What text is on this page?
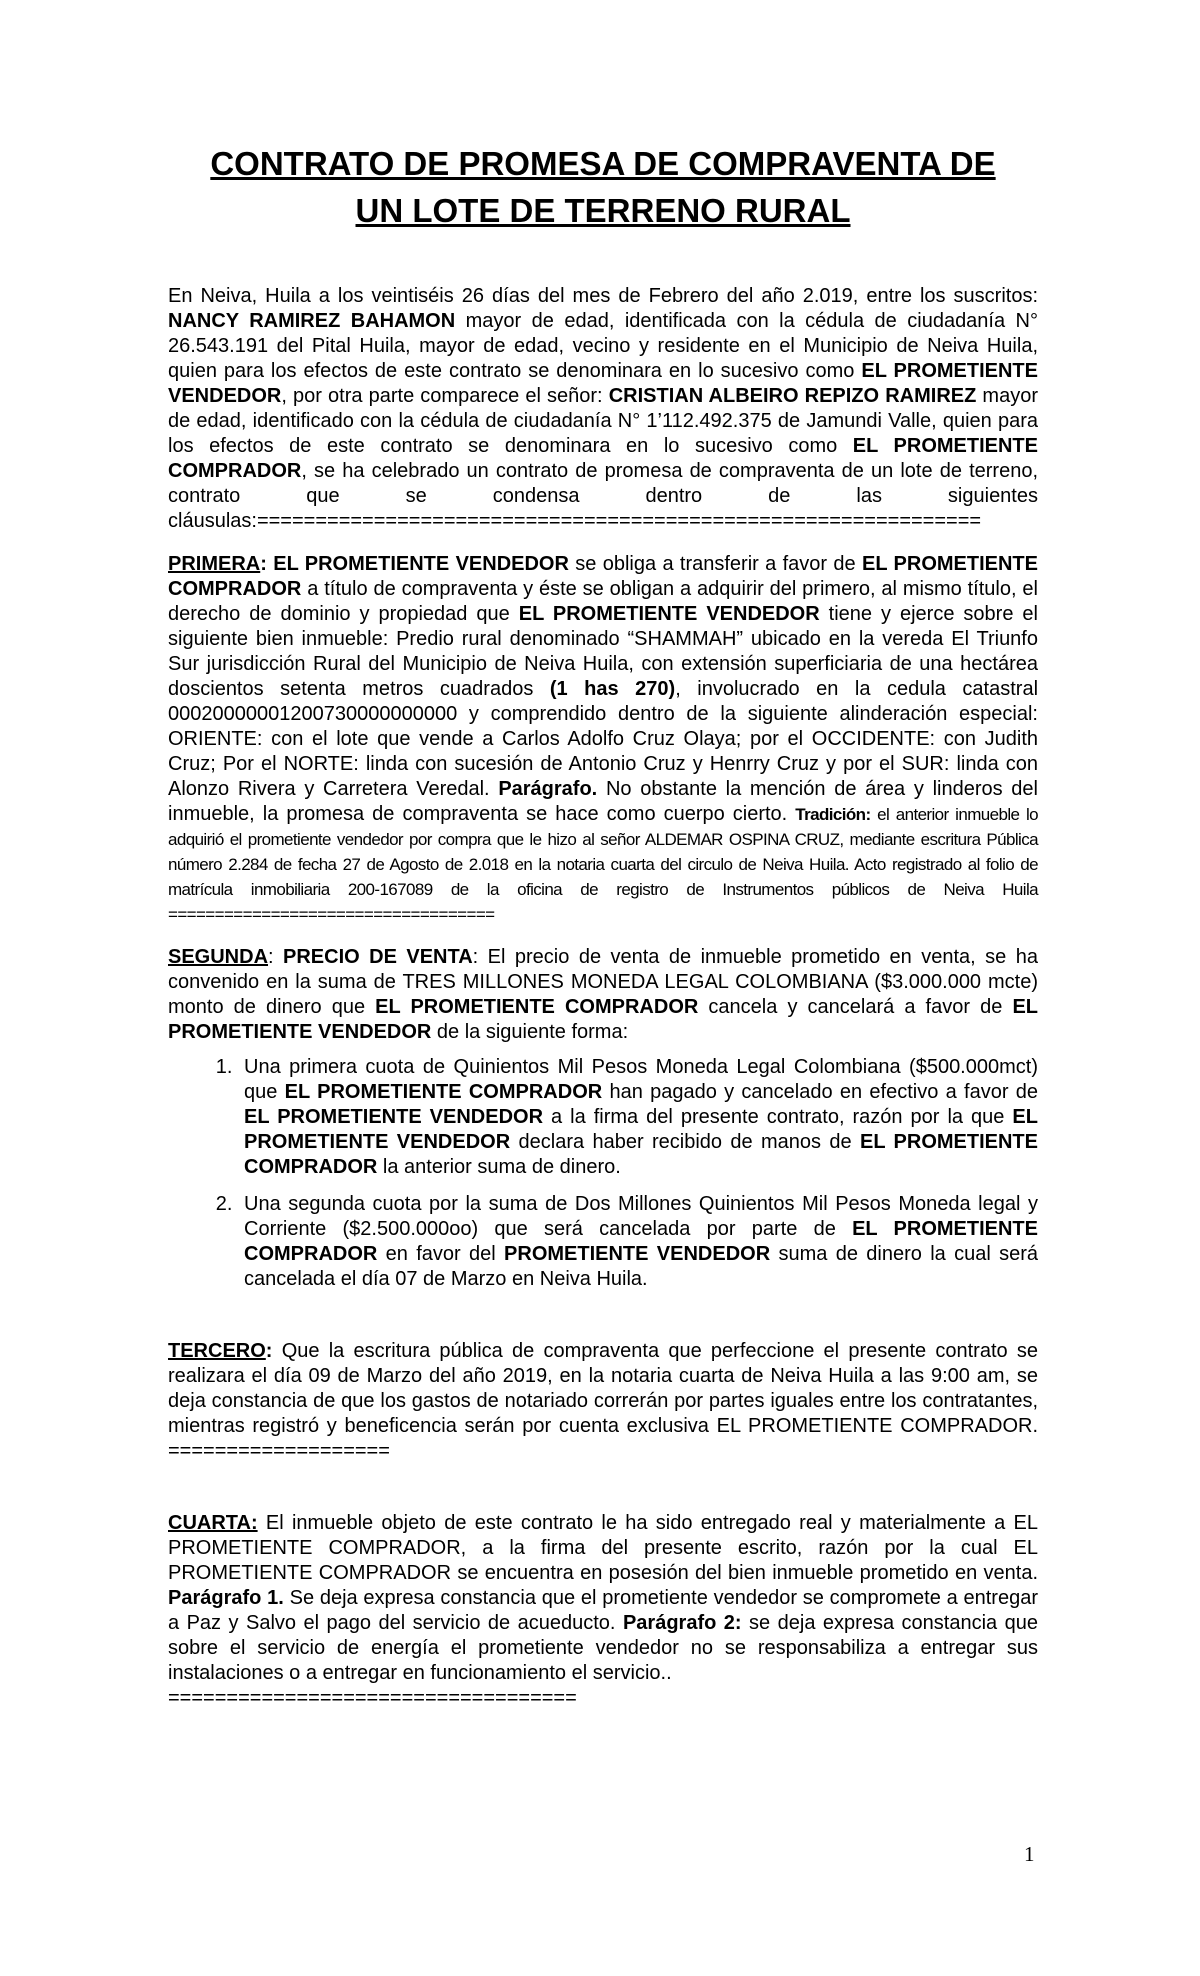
CONTRATO DE PROMESA DE COMPRAVENTA DE
UN LOTE DE TERRENO RURAL

En Neiva, Huila a los veintiséis 26 días del mes de Febrero del año 2.019, entre los suscritos: NANCY RAMIREZ BAHAMON mayor de edad, identificada con la cédula de ciudadanía N° 26.543.191 del Pital Huila, mayor de edad, vecino y residente en el Municipio de Neiva Huila, quien para los efectos de este contrato se denominara en lo sucesivo como EL PROMETIENTE VENDEDOR, por otra parte comparece el señor: CRISTIAN ALBEIRO REPIZO RAMIREZ mayor de edad, identificado con la cédula de ciudadanía N° 1’112.492.375 de Jamundi Valle, quien para los efectos de este contrato se denominara en lo sucesivo como EL PROMETIENTE COMPRADOR, se ha celebrado un contrato de promesa de compraventa de un lote de terreno, contrato que se condensa dentro de las siguientes cláusulas:==============================================================

PRIMERA: EL PROMETIENTE VENDEDOR se obliga a transferir a favor de EL PROMETIENTE COMPRADOR a título de compraventa y éste se obligan a adquirir del primero, al mismo título, el derecho de dominio y propiedad que EL PROMETIENTE VENDEDOR tiene y ejerce sobre el siguiente bien inmueble: Predio rural denominado “SHAMMAH” ubicado en la vereda El Triunfo Sur jurisdicción Rural del Municipio de Neiva Huila, con extensión superficiaria de una hectárea doscientos setenta metros cuadrados (1 has 270), involucrado en la cedula catastral 00020000001200730000000000 y comprendido dentro de la siguiente alinderación especial: ORIENTE: con el lote que vende a Carlos Adolfo Cruz Olaya; por el OCCIDENTE: con Judith Cruz; Por el NORTE: linda con sucesión de Antonio Cruz y Henrry Cruz y por el SUR: linda con Alonzo Rivera y Carretera Veredal. Parágrafo. No obstante la mención de área y linderos del inmueble, la promesa de compraventa se hace como cuerpo cierto. Tradición: el anterior inmueble lo adquirió el prometiente vendedor por compra que le hizo al señor ALDEMAR OSPINA CRUZ, mediante escritura Pública número 2.284 de fecha 27 de Agosto de 2.018 en la notaria cuarta del circulo de Neiva Huila. Acto registrado al folio de matrícula inmobiliaria 200-167089 de la oficina de registro de Instrumentos públicos de Neiva Huila ===================================

SEGUNDA: PRECIO DE VENTA: El precio de venta de inmueble prometido en venta, se ha convenido en la suma de TRES MILLONES MONEDA LEGAL COLOMBIANA ($3.000.000 mcte) monto de dinero que EL PROMETIENTE COMPRADOR cancela y cancelará a favor de EL PROMETIENTE VENDEDOR de la siguiente forma:

1. Una primera cuota de Quinientos Mil Pesos Moneda Legal Colombiana ($500.000mct) que EL PROMETIENTE COMPRADOR han pagado y cancelado en efectivo a favor de EL PROMETIENTE VENDEDOR a la firma del presente contrato, razón por la que EL PROMETIENTE VENDEDOR declara haber recibido de manos de EL PROMETIENTE COMPRADOR la anterior suma de dinero.
2. Una segunda cuota por la suma de Dos Millones Quinientos Mil Pesos Moneda legal y Corriente ($2.500.000oo) que será cancelada por parte de EL PROMETIENTE COMPRADOR en favor del PROMETIENTE VENDEDOR suma de dinero la cual será cancelada el día 07 de Marzo en Neiva Huila.

TERCERO: Que la escritura pública de compraventa que perfeccione el presente contrato se realizara el día 09 de Marzo del año 2019, en la notaria cuarta de Neiva Huila a las 9:00 am, se deja constancia de que los gastos de notariado correrán por partes iguales entre los contratantes, mientras registró y beneficencia serán por cuenta exclusiva EL PROMETIENTE COMPRADOR. ===================

CUARTA: El inmueble objeto de este contrato le ha sido entregado real y materialmente a EL PROMETIENTE COMPRADOR, a la firma del presente escrito, razón por la cual EL PROMETIENTE COMPRADOR se encuentra en posesión del bien inmueble prometido en venta. Parágrafo 1. Se deja expresa constancia que el prometiente vendedor se compromete a entregar a Paz y Salvo el pago del servicio de acueducto. Parágrafo 2: se deja expresa constancia que sobre el servicio de energía el prometiente vendedor no se responsabiliza a entregar sus instalaciones o a entregar en funcionamiento el servicio..
===================================

1
